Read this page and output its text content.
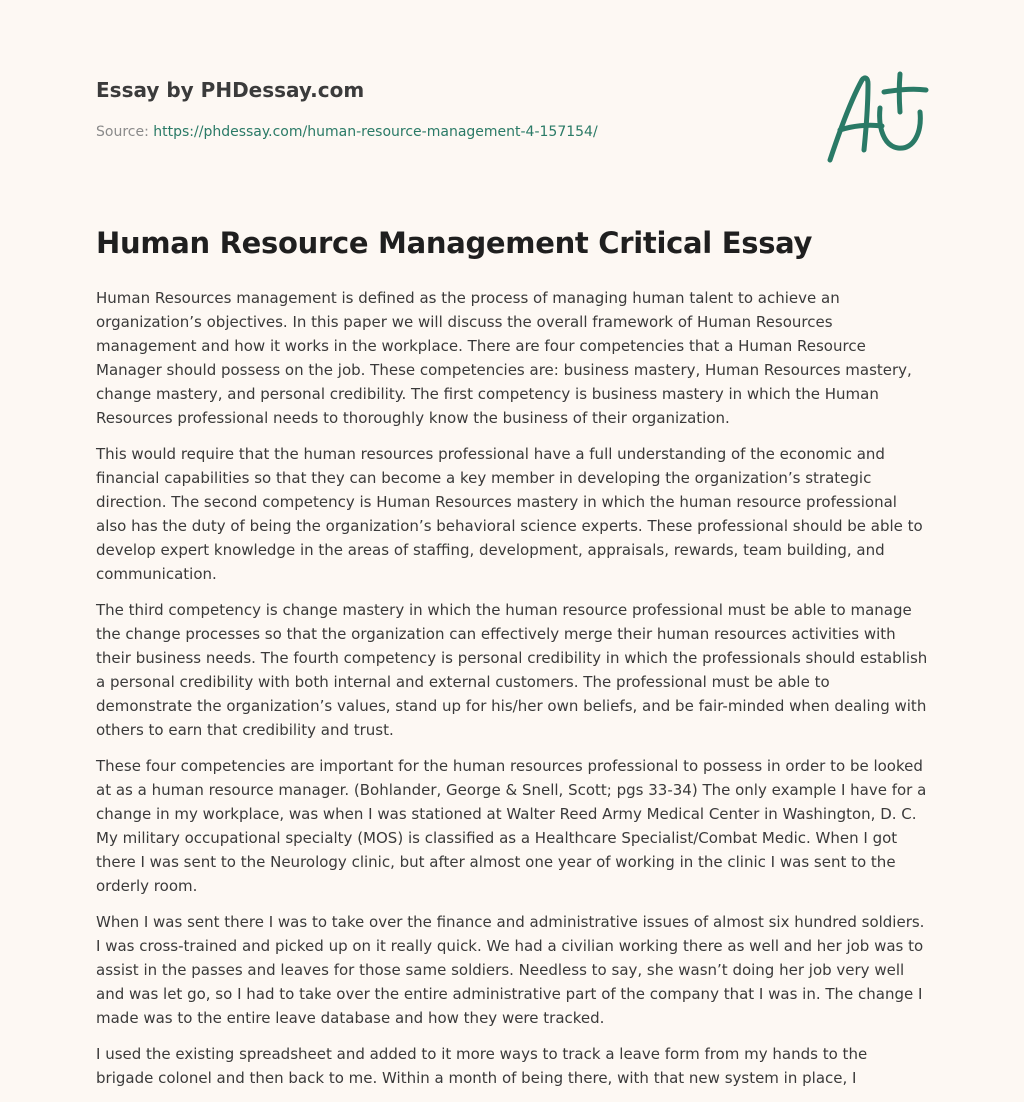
Essay by PHDessay.com
Source: https://phdessay.com/human-resource-management-4-157154/
Human Resource Management Critical Essay

Human Resources management is defined as the process of managing human talent to achieve an organization’s objectives. In this paper we will discuss the overall framework of Human Resources management and how it works in the workplace. There are four competencies that a Human Resource Manager should possess on the job. These competencies are: business mastery, Human Resources mastery, change mastery, and personal credibility. The first competency is business mastery in which the Human Resources professional needs to thoroughly know the business of their organization.

This would require that the human resources professional have a full understanding of the economic and financial capabilities so that they can become a key member in developing the organization’s strategic direction. The second competency is Human Resources mastery in which the human resource professional also has the duty of being the organization’s behavioral science experts. These professional should be able to develop expert knowledge in the areas of staffing, development, appraisals, rewards, team building, and communication.

The third competency is change mastery in which the human resource professional must be able to manage the change processes so that the organization can effectively merge their human resources activities with their business needs. The fourth competency is personal credibility in which the professionals should establish a personal credibility with both internal and external customers. The professional must be able to demonstrate the organization’s values, stand up for his/her own beliefs, and be fair-minded when dealing with others to earn that credibility and trust.

These four competencies are important for the human resources professional to possess in order to be looked at as a human resource manager. (Bohlander, George & Snell, Scott; pgs 33-34) The only example I have for a change in my workplace, was when I was stationed at Walter Reed Army Medical Center in Washington, D. C. My military occupational specialty (MOS) is classified as a Healthcare Specialist/Combat Medic. When I got there I was sent to the Neurology clinic, but after almost one year of working in the clinic I was sent to the orderly room.

When I was sent there I was to take over the finance and administrative issues of almost six hundred soldiers. I was cross-trained and picked up on it really quick. We had a civilian working there as well and her job was to assist in the passes and leaves for those same soldiers. Needless to say, she wasn’t doing her job very well and was let go, so I had to take over the entire administrative part of the company that I was in. The change I made was to the entire leave database and how they were tracked.

I used the existing spreadsheet and added to it more ways to track a leave form from my hands to the brigade colonel and then back to me. Within a month of being there, with that new system in place, I
